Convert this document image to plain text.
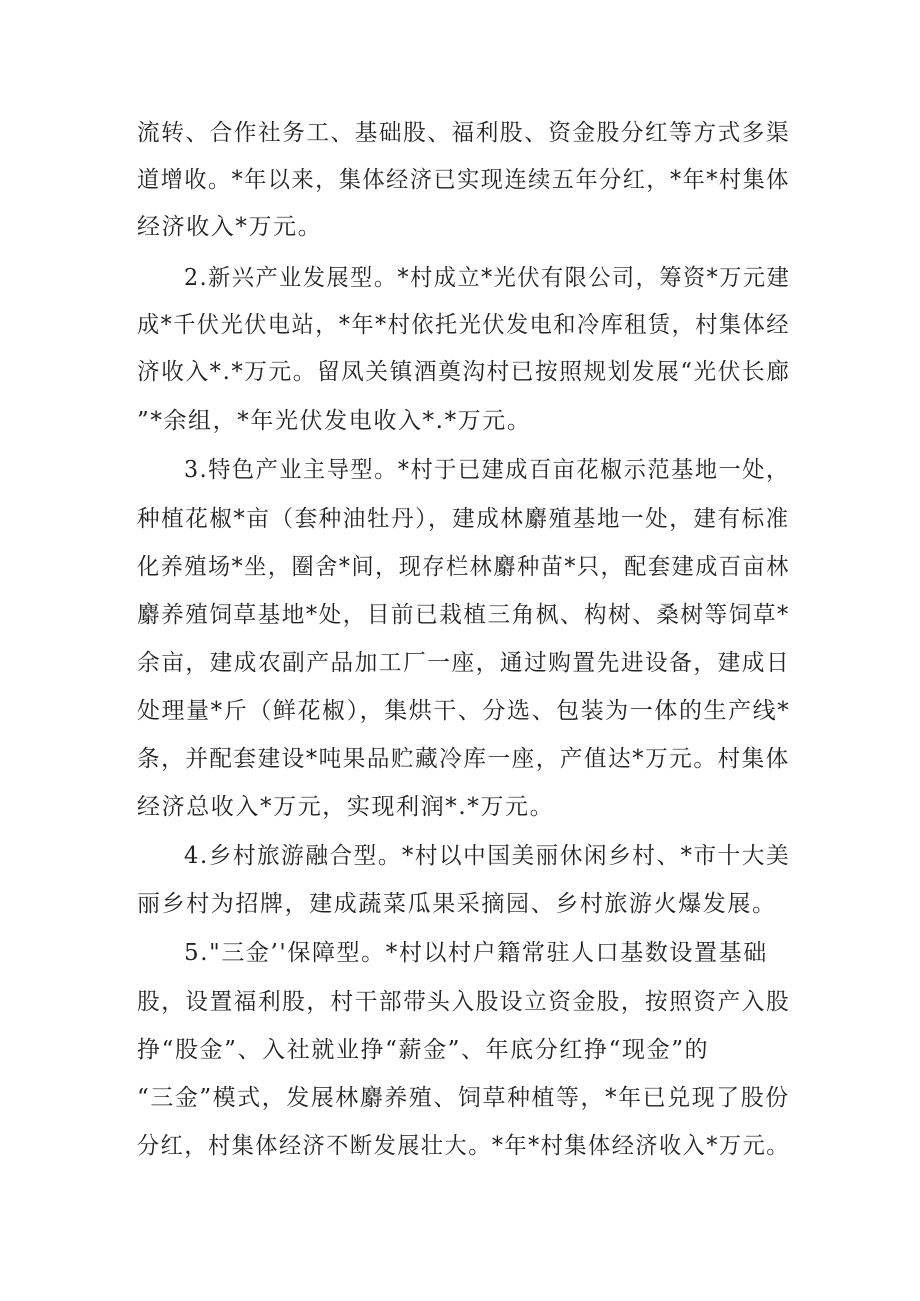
流转、合作社务工、基础股、福利股、资金股分红等方式多渠
道增收。*年以来，集体经济已实现连续五年分红，*年*村集体
经济收入*万元。
2.新兴产业发展型。*村成立*光伏有限公司，筹资*万元建
成*千伏光伏电站，*年*村依托光伏发电和冷库租赁，村集体经
济收入*.*万元。留凤关镇酒奠沟村已按照规划发展“光伏长廊
”*余组，*年光伏发电收入*.*万元。
3.特色产业主导型。*村于已建成百亩花椒示范基地一处，
种植花椒*亩（套种油牡丹），建成林麝殖基地一处，建有标准
化养殖场*坐，圈舍*间，现存栏林麝种苗*只，配套建成百亩林
麝养殖饲草基地*处，目前已栽植三角枫、构树、桑树等饲草*
余亩，建成农副产品加工厂一座，通过购置先进设备，建成日
处理量*斤（鲜花椒），集烘干、分选、包装为一体的生产线*
条，并配套建设*吨果品贮藏冷库一座，产值达*万元。村集体
经济总收入*万元，实现利润*.*万元。
4.乡村旅游融合型。*村以中国美丽休闲乡村、*市十大美
丽乡村为招牌，建成蔬菜瓜果采摘园、乡村旅游火爆发展。
5."三金’'保障型。*村以村户籍常驻人口基数设置基础
股，设置福利股，村干部带头入股设立资金股，按照资产入股
挣“股金”、入社就业挣“薪金”、年底分红挣“现金”的
“三金”模式，发展林麝养殖、饲草种植等，*年已兑现了股份
分红，村集体经济不断发展壮大。*年*村集体经济收入*万元。
